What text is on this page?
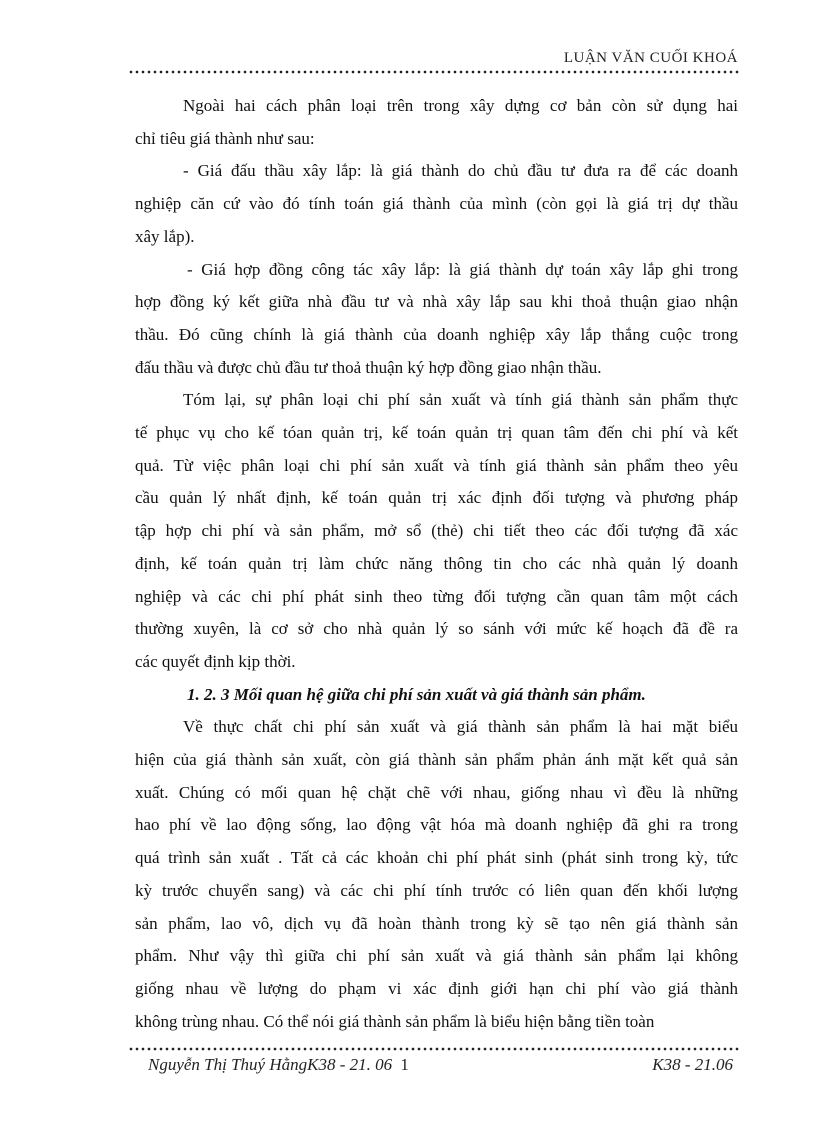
LUẬN VĂN CUỐI KHOÁ

Ngoài hai cách phân loại trên trong xây dựng cơ bản còn sử dụng hai

chỉ tiêu giá thành như sau:

- Giá đấu thầu xây lắp: là giá thành do chủ đầu tư đưa ra để các doanh

nghiệp căn cứ vào đó tính toán giá thành của mình (còn gọi là giá trị dự thầu

xây lắp).

- Giá hợp đồng công tác xây lắp: là giá thành dự toán xây lắp ghi trong

hợp đồng ký kết giữa nhà đầu tư và nhà xây lắp sau khi thoả thuận giao nhận

thầu. Đó cũng chính là giá thành của doanh nghiệp xây lắp thắng cuộc trong

đấu thầu và được chủ đầu tư thoả thuận ký hợp đồng giao nhận thầu.

Tóm lại, sự phân loại chi phí sản xuất và tính giá thành sản phẩm thực

tế phục vụ cho kế tóan quản trị, kế toán quản trị quan tâm đến chi phí và kết

quả. Từ việc phân loại chi phí sản xuất và tính giá thành sản phẩm theo yêu

cầu quản lý nhất định, kế toán quản trị xác định đối tượng và phương pháp

tập hợp chi phí và sản phẩm, mở sổ (thẻ) chi tiết theo các đối tượng đã xác

định, kế toán quản trị làm chức năng thông tin cho các nhà quản lý doanh

nghiệp và các chi phí phát sinh theo từng đối tượng cần quan tâm một cách

thường xuyên, là cơ sở cho nhà quản lý so sánh với mức kế hoạch đã đề ra

các quyết định kịp thời.

1. 2. 3 Mối quan hệ giữa chi phí sản xuất và giá thành sản phẩm.

Về thực chất chi phí sản xuất và giá thành sản phẩm là hai mặt biểu

hiện của giá thành sản xuất, còn giá thành sản phẩm phản ánh mặt kết quả sản

xuất. Chúng có mối quan hệ chặt chẽ với nhau, giống nhau vì đều là những

hao phí về lao động sống, lao động vật hóa mà doanh nghiệp đã ghi ra trong

quá trình sản xuất . Tất cả các khoản chi phí phát sinh (phát sinh trong kỳ, tức

kỳ trước chuyển sang) và các chi phí tính trước có liên quan đến khối lượng

sản phẩm, lao vô, dịch vụ đã hoàn thành trong kỳ sẽ tạo nên giá thành sản

phẩm. Như vậy thì giữa chi phí sản xuất và giá thành sản phẩm lại không

giống nhau về lượng do phạm vi xác định giới hạn chi phí vào giá thành

không trùng nhau. Có thể nói giá thành sản phẩm là biểu hiện bằng tiền toàn

Nguyễn Thị Thuý HằngK38 - 21. 06 1	K38 - 21.06
